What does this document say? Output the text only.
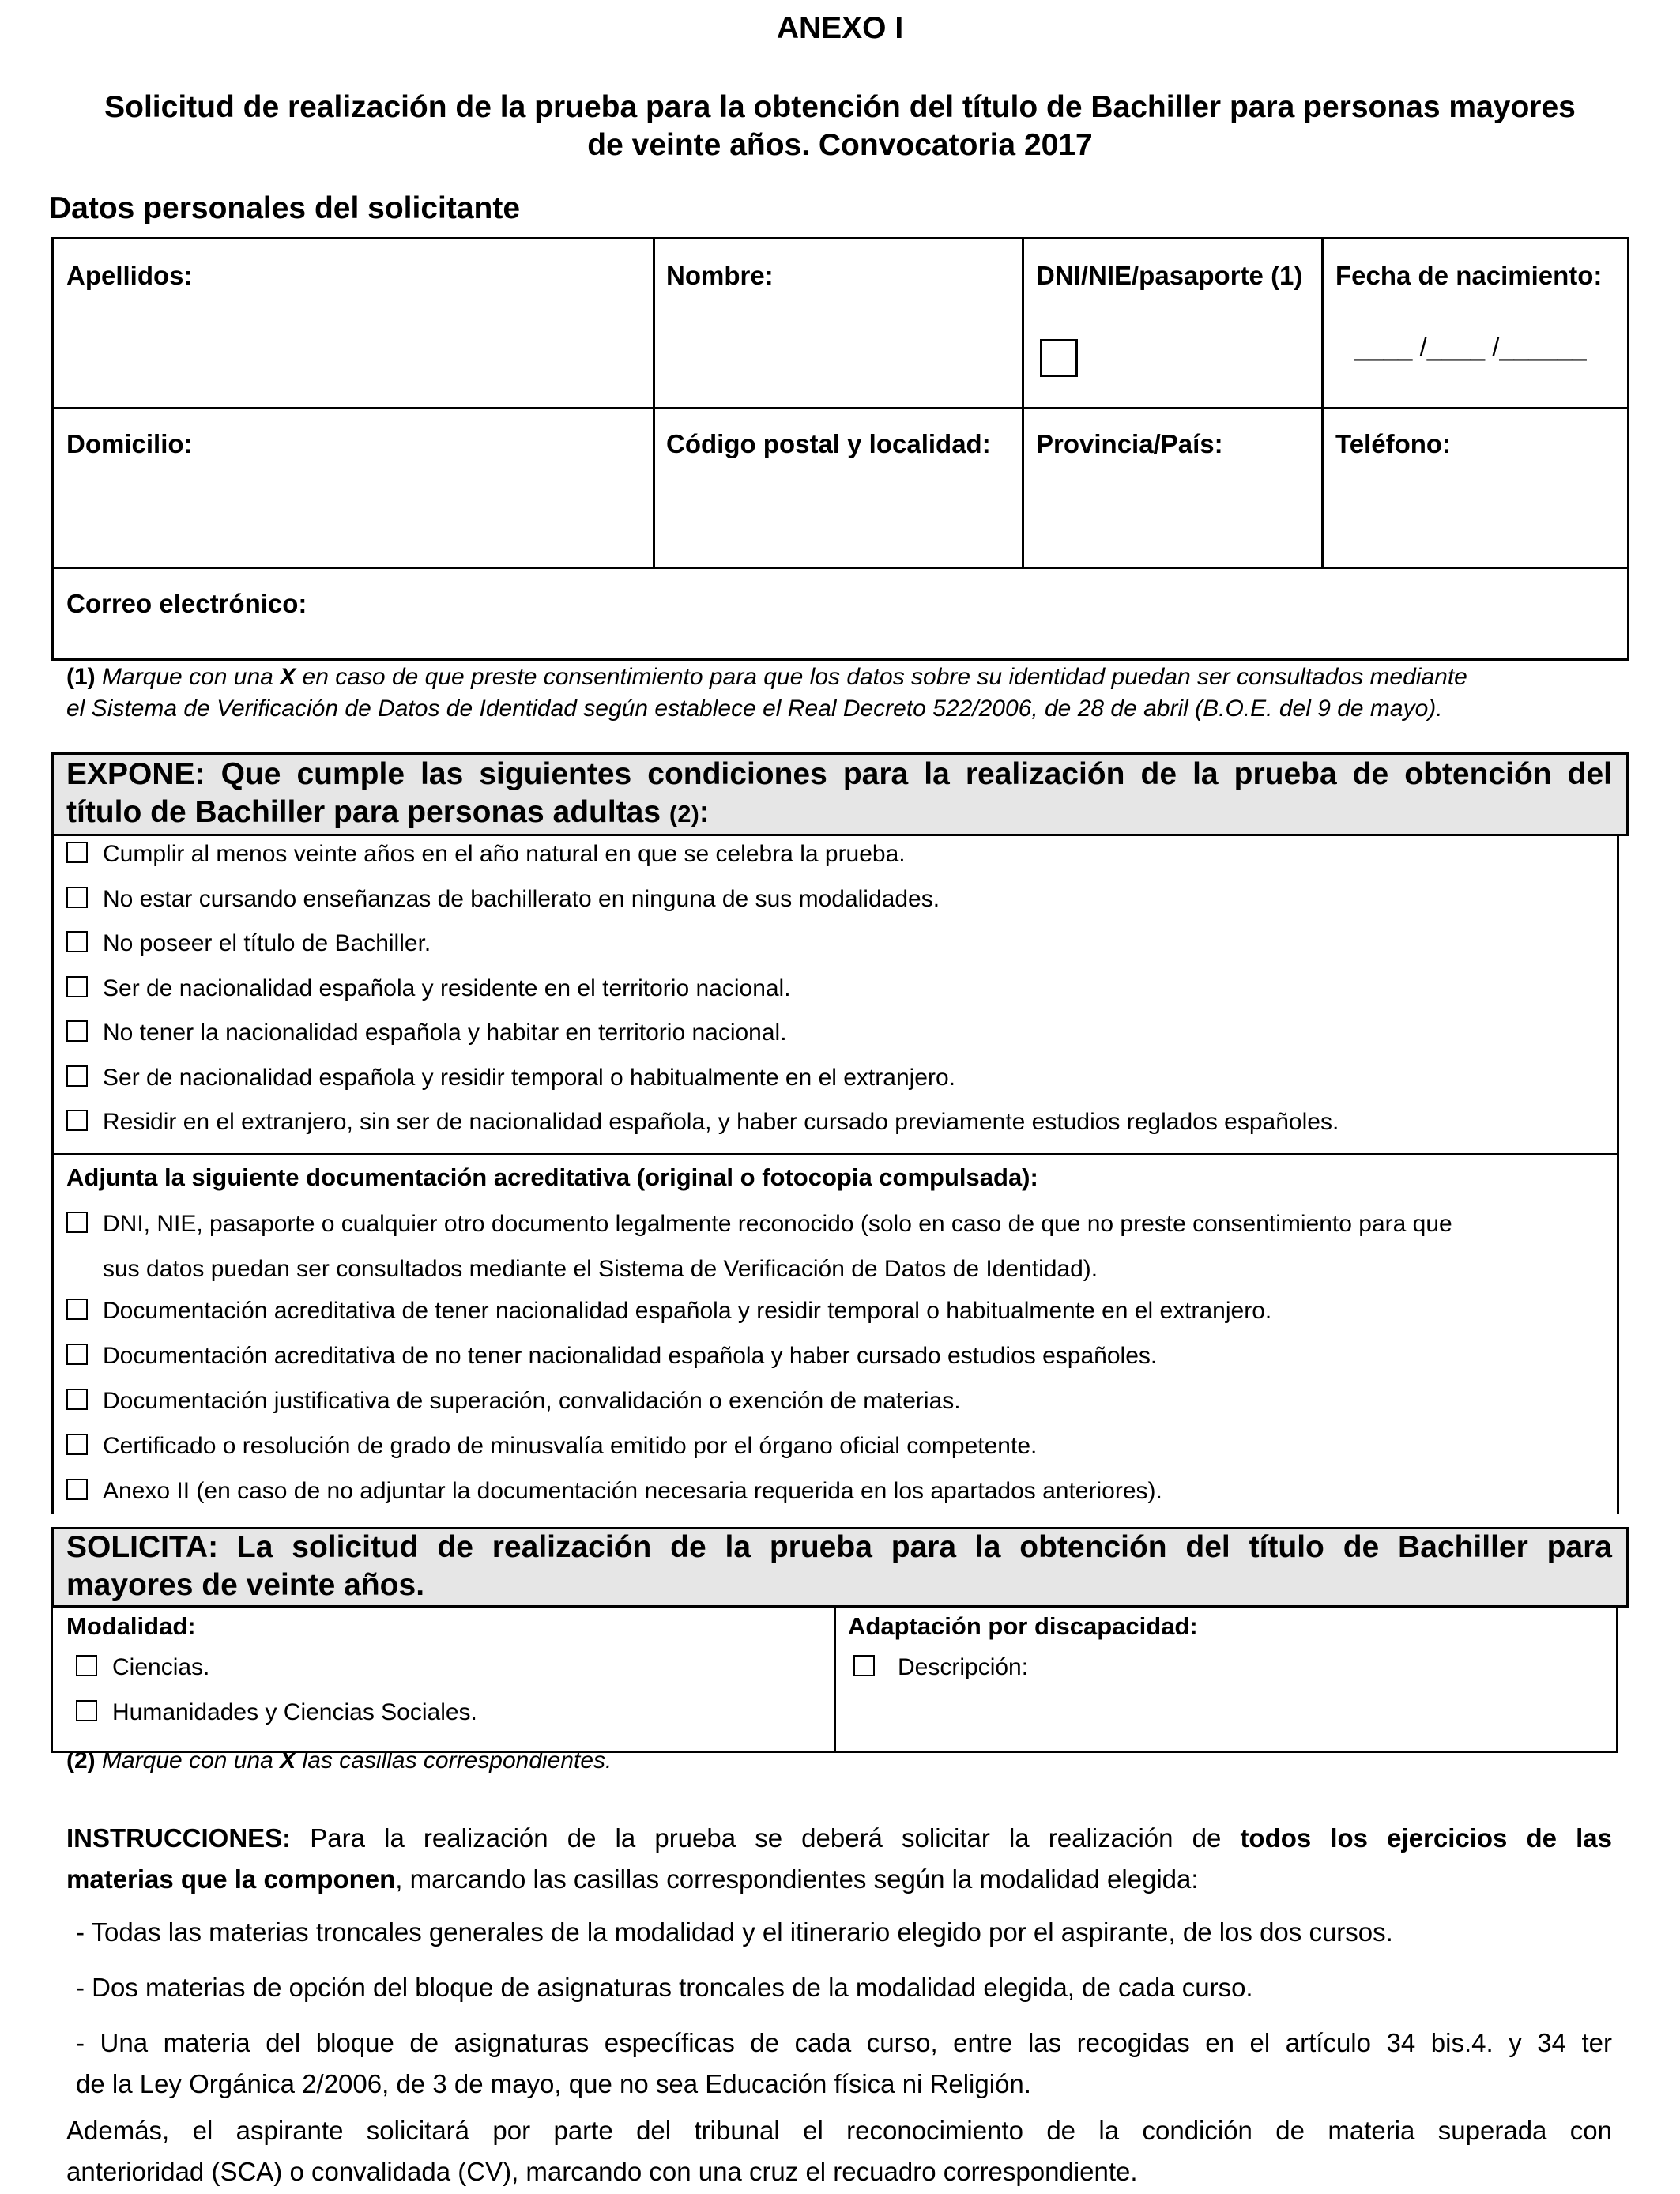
ANEXO I
Solicitud de realización de la prueba para la obtención del título de Bachiller para personas mayores
de veinte años. Convocatoria 2017
Datos personales del solicitante
Apellidos:	Nombre:	DNI/NIE/pasaporte (1) Fecha de nacimiento:
____ /____ /______
Domicilio:	Código postal y localidad: Provincia/País:	Teléfono:
Correo electrónico:
(1) Marque con una X en caso de que preste consentimiento para que los datos sobre su identidad puedan ser consultados mediante
el Sistema de Verificación de Datos de Identidad según establece el Real Decreto 522/2006, de 28 de abril (B.O.E. del 9 de mayo).
EXPONE: Que cumple las siguientes condiciones para la realización de la prueba de obtención del
título de Bachiller para personas adultas (2):
Cumplir al menos veinte años en el año natural en que se celebra la prueba.
No estar cursando enseñanzas de bachillerato en ninguna de sus modalidades.
No poseer el título de Bachiller.
Ser de nacionalidad española y residente en el territorio nacional.
No tener la nacionalidad española y habitar en territorio nacional.
Ser de nacionalidad española y residir temporal o habitualmente en el extranjero.
Residir en el extranjero, sin ser de nacionalidad española, y haber cursado previamente estudios reglados españoles.
Adjunta la siguiente documentación acreditativa (original o fotocopia compulsada):
DNI, NIE, pasaporte o cualquier otro documento legalmente reconocido (solo en caso de que no preste consentimiento para que
sus datos puedan ser consultados mediante el Sistema de Verificación de Datos de Identidad).
Documentación acreditativa de tener nacionalidad española y residir temporal o habitualmente en el extranjero.
Documentación acreditativa de no tener nacionalidad española y haber cursado estudios españoles.
Documentación justificativa de superación, convalidación o exención de materias.
Certificado o resolución de grado de minusvalía emitido por el órgano oficial competente.
Anexo II (en caso de no adjuntar la documentación necesaria requerida en los apartados anteriores).
SOLICITA: La solicitud de realización de la prueba para la obtención del título de Bachiller para
mayores de veinte años.
Modalidad:
Ciencias.
Humanidades y Ciencias Sociales.
Adaptación por discapacidad:
Descripción:
(2) Marque con una X las casillas correspondientes.
INSTRUCCIONES: Para la realización de la prueba se deberá solicitar la realización de todos los ejercicios de las
materias que la componen, marcando las casillas correspondientes según la modalidad elegida:
- Todas las materias troncales generales de la modalidad y el itinerario elegido por el aspirante, de los dos cursos.
- Dos materias de opción del bloque de asignaturas troncales de la modalidad elegida, de cada curso.
- Una materia del bloque de asignaturas específicas de cada curso, entre las recogidas en el artículo 34 bis.4. y 34 ter
de la Ley Orgánica 2/2006, de 3 de mayo, que no sea Educación física ni Religión.
Además, el aspirante solicitará por parte del tribunal el reconocimiento de la condición de materia superada con
anterioridad (SCA) o convalidada (CV), marcando con una cruz el recuadro correspondiente.
